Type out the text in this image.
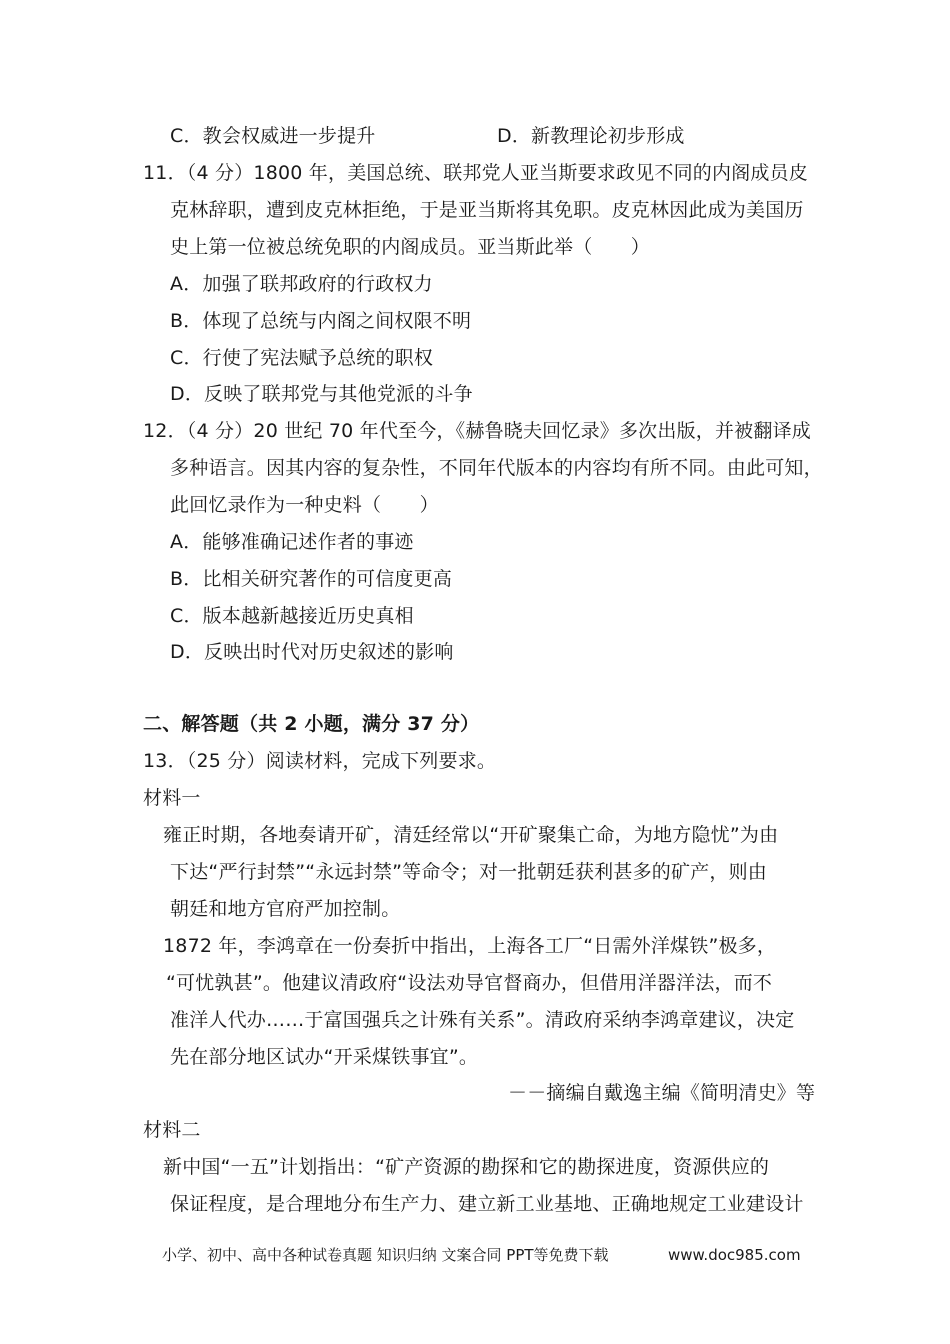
C．教会权威进一步提升	D．新教理论初步形成
11．（4 分）1800 年，美国总统、联邦党人亚当斯要求政见不同的内阁成员皮
克林辞职，遭到皮克林拒绝，于是亚当斯将其免职。皮克林因此成为美国历
史上第一位被总统免职的内阁成员。亚当斯此举（　　）
A．加强了联邦政府的行政权力
B．体现了总统与内阁之间权限不明
C．行使了宪法赋予总统的职权
D．反映了联邦党与其他党派的斗争
12．（4 分）20 世纪 70 年代至今，《赫鲁晓夫回忆录》多次出版，并被翻译成
多种语言。因其内容的复杂性，不同年代版本的内容均有所不同。由此可知，
此回忆录作为一种史料（　　）
A．能够准确记述作者的事迹
B．比相关研究著作的可信度更高
C．版本越新越接近历史真相
D．反映出时代对历史叙述的影响
二、解答题（共 2 小题，满分 37 分）
13．（25 分）阅读材料，完成下列要求。
材料一
雍正时期，各地奏请开矿，清廷经常以“开矿聚集亡命，为地方隐忧”为由
下达“严行封禁”“永远封禁”等命令；对一批朝廷获利甚多的矿产，则由
朝廷和地方官府严加控制。
1872 年，李鸿章在一份奏折中指出，上海各工厂“日需外洋煤铁”极多，
“可忧孰甚”。他建议清政府“设法劝导官督商办，但借用洋器洋法，而不
准洋人代办……于富国强兵之计殊有关系”。清政府采纳李鸿章建议，决定
先在部分地区试办“开采煤铁事宜”。
－－摘编自戴逸主编《简明清史》等
材料二
新中国“一五”计划指出：“矿产资源的勘探和它的勘探进度，资源供应的
保证程度，是合理地分布生产力、建立新工业基地、正确地规定工业建设计
小学、初中、高中各种试卷真题 知识归纳 文案合同 PPT等免费下载	www.doc985.com
